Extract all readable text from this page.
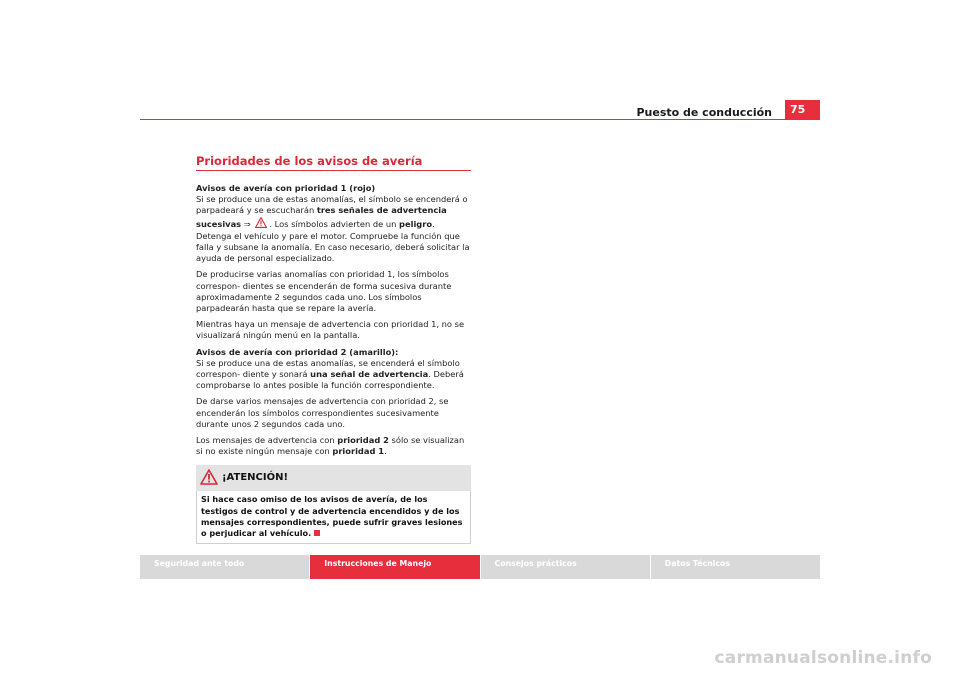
Puesto de conducción	75
Prioridades de los avisos de avería

Avisos de avería con prioridad 1 (rojo)

Si se produce una de estas anomalías, el símbolo se encenderá o parpadeará y se escucharán tres señales de advertencia sucesivas ⇒ . Los símbolos advierten de un peligro. Detenga el vehículo y pare el motor. Compruebe la función que falla y subsane la anomalía. En caso necesario, deberá solicitar la ayuda de personal especializado.

De producirse varias anomalías con prioridad 1, los símbolos correspon- dientes se encenderán de forma sucesiva durante aproximadamente 2 segundos cada uno. Los símbolos parpadearán hasta que se repare la avería.

Mientras haya un mensaje de advertencia con prioridad 1, no se visualizará ningún menú en la pantalla.

Avisos de avería con prioridad 2 (amarillo):

Si se produce una de estas anomalías, se encenderá el símbolo correspon- diente y sonará una señal de advertencia. Deberá comprobarse lo antes posible la función correspondiente.

De darse varios mensajes de advertencia con prioridad 2, se encenderán los símbolos correspondientes sucesivamente durante unos 2 segundos cada uno.

Los mensajes de advertencia con prioridad 2 sólo se visualizan si no existe ningún mensaje con prioridad 1.

¡ATENCIÓN!
Si hace caso omiso de los avisos de avería, de los testigos de control y de advertencia encendidos y de los mensajes correspondientes, puede sufrir graves lesiones o perjudicar al vehículo.
Seguridad ante todo	Instrucciones de Manejo	Consejos prácticos	Datos Técnicos
carmanualsonline.info
